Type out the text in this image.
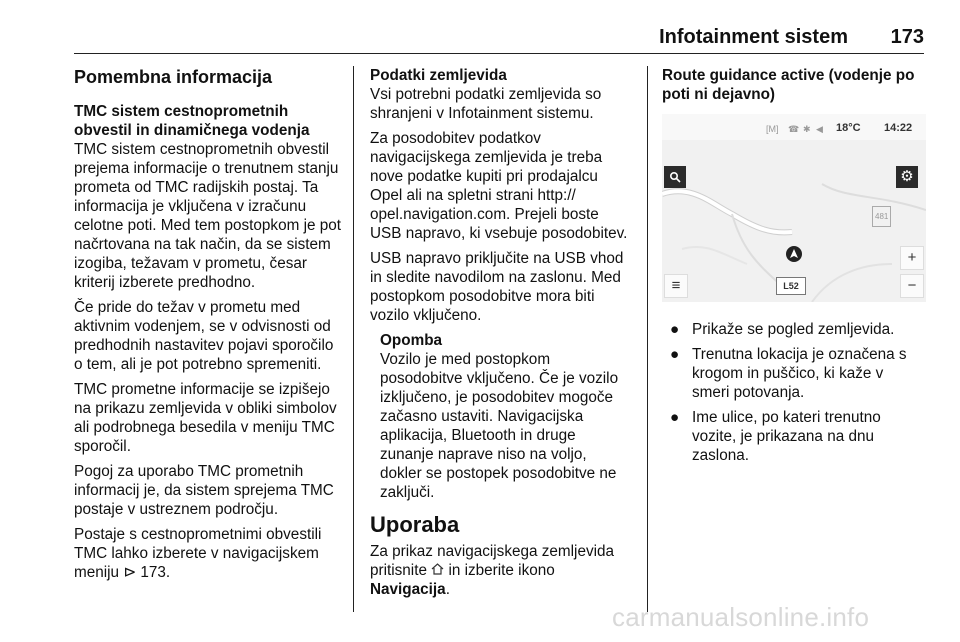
Infotainment sistem 173
Pomembna informacija
TMC sistem cestnoprometnih obvestil in dinamičnega vodenja

TMC sistem cestnoprometnih obvestil prejema informacije o trenutnem stanju prometa od TMC radijskih postaj. Ta informacija je vključena v izračunu celotne poti. Med tem postopkom je pot načrtovana na tak način, da se sistem izogiba, težavam v prometu, česar kriterij izberete predhodno.

Če pride do težav v prometu med aktivnim vodenjem, se v odvisnosti od predhodnih nastavitev pojavi sporočilo o tem, ali je pot potrebno spremeniti.

TMC prometne informacije se izpišejo na prikazu zemljevida v obliki simbolov ali podrobnega besedila v meniju TMC sporočil.

Pogoj za uporabo TMC prometnih informacij je, da sistem sprejema TMC postaje v ustreznem področju.

Postaje s cestnoprometnimi obvestili TMC lahko izberete v navigacijskem meniju ⊳ 173.

Podatki zemljevida

Vsi potrebni podatki zemljevida so shranjeni v Infotainment sistemu.

Za posodobitev podatkov navigacijskega zemljevida je treba nove podatke kupiti pri prodajalcu Opel ali na spletni strani http:// opel.navigation.com. Prejeli boste USB napravo, ki vsebuje posodobitev.

USB napravo priključite na USB vhod in sledite navodilom na zaslonu. Med postopkom posodobitve mora biti vozilo vključeno.

Opomba

Vozilo je med postopkom posodobitve vključeno. Če je vozilo izključeno, je posodobitev mogoče začasno ustaviti. Navigacijska aplikacija, Bluetooth in druge zunanje naprave niso na voljo, dokler se postopek posodobitve ne zaključi.

Uporaba

Za prikaz navigacijskega zemljevida pritisnite in izberite ikono
Navigacija.

Route guidance active (vodenje po poti ni dejavno)
[M] ☎ ✱ ◀ 18°C 14:22
⚙
+
−
≡
481
L52
● Prikaže se pogled zemljevida.
● Trenutna lokacija je označena s krogom in puščico, ki kaže v smeri potovanja.
● Ime ulice, po kateri trenutno vozite, je prikazana na dnu zaslona.
carmanualsonline.info
